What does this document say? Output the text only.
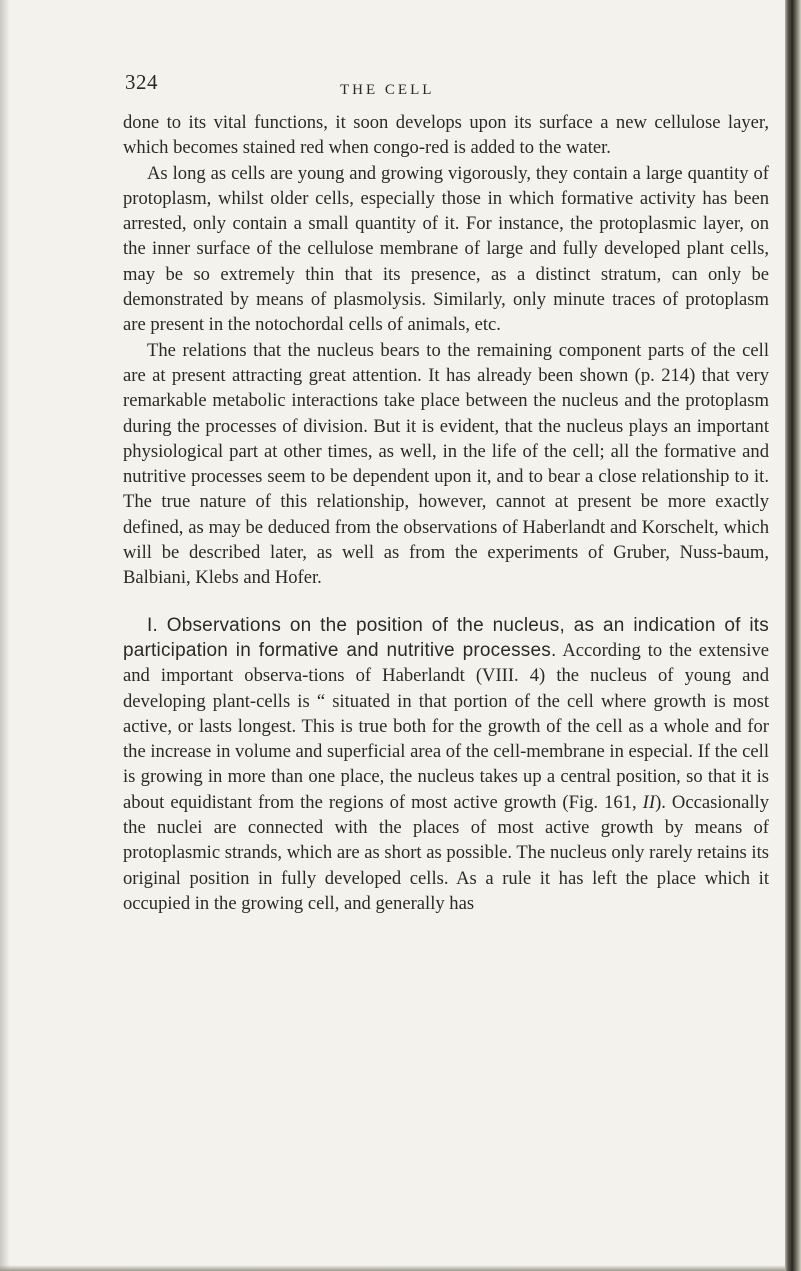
324	THE CELL

done to its vital functions, it soon develops upon its surface a new cellulose layer, which becomes stained red when congo-red is added to the water.

As long as cells are young and growing vigorously, they contain a large quantity of protoplasm, whilst older cells, especially those in which formative activity has been arrested, only contain a small quantity of it. For instance, the protoplasmic layer, on the inner surface of the cellulose membrane of large and fully developed plant cells, may be so extremely thin that its presence, as a distinct stratum, can only be demonstrated by means of plasmolysis. Similarly, only minute traces of protoplasm are present in the notochordal cells of animals, etc.

The relations that the nucleus bears to the remaining component parts of the cell are at present attracting great attention. It has already been shown (p. 214) that very remarkable metabolic interactions take place between the nucleus and the protoplasm during the processes of division. But it is evident, that the nucleus plays an important physiological part at other times, as well, in the life of the cell; all the formative and nutritive processes seem to be dependent upon it, and to bear a close relationship to it. The true nature of this relationship, however, cannot at present be more exactly defined, as may be deduced from the observations of Haberlandt and Korschelt, which will be described later, as well as from the experiments of Gruber, Nuss-baum, Balbiani, Klebs and Hofer.

I. Observations on the position of the nucleus, as an indication of its participation in formative and nutritive processes. According to the extensive and important observa-tions of Haberlandt (VIII. 4) the nucleus of young and developing plant-cells is “ situated in that portion of the cell where growth is most active, or lasts longest. This is true both for the growth of the cell as a whole and for the increase in volume and superficial area of the cell-membrane in especial. If the cell is growing in more than one place, the nucleus takes up a central position, so that it is about equidistant from the regions of most active growth (Fig. 161, II). Occasionally the nuclei are connected with the places of most active growth by means of protoplasmic strands, which are as short as possible. The nucleus only rarely retains its original position in fully developed cells. As a rule it has left the place which it occupied in the growing cell, and generally has
